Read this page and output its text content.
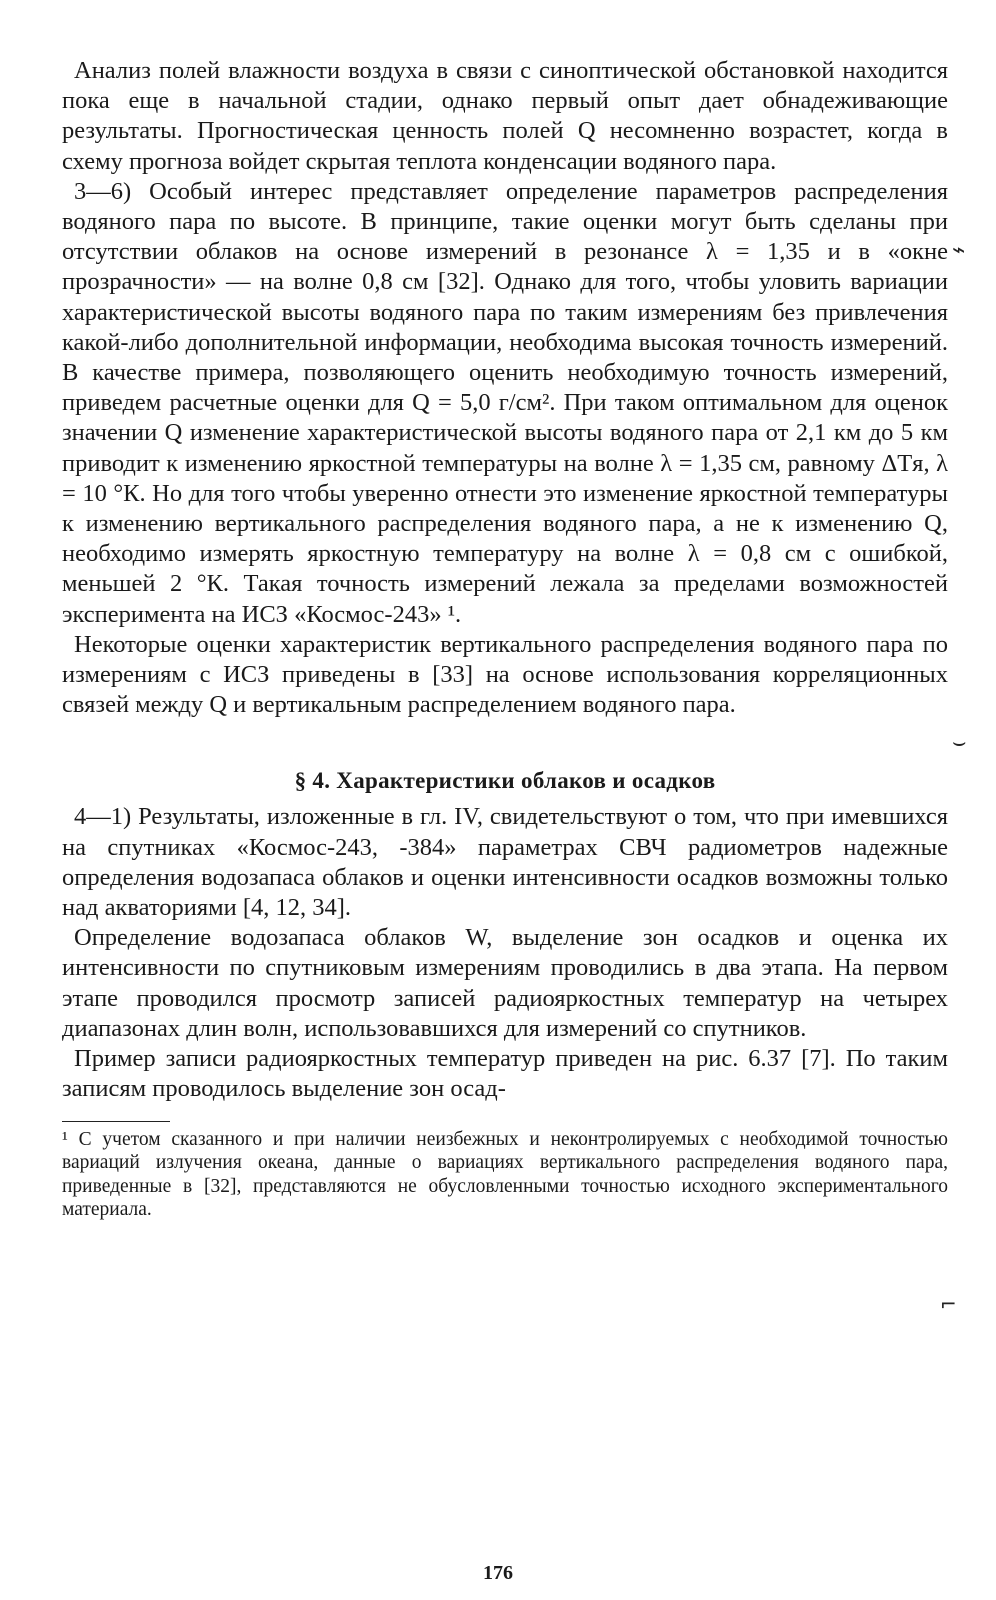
Анализ полей влажности воздуха в связи с синоптической обстановкой находится пока еще в начальной стадии, однако первый опыт дает обнадеживающие результаты. Прогностическая ценность полей Q несомненно возрастет, когда в схему прогноза войдет скрытая теплота конденсации водяного пара.

3—6) Особый интерес представляет определение параметров распределения водяного пара по высоте. В принципе, такие оценки могут быть сделаны при отсутствии облаков на основе измерений в резонансе λ = 1,35 и в «окне прозрачности» — на волне 0,8 см [32]. Однако для того, чтобы уловить вариации характеристической высоты водяного пара по таким измерениям без привлечения какой-либо дополнительной информации, необходима высокая точность измерений. В качестве примера, позволяющего оценить необходимую точность измерений, приведем расчетные оценки для Q = 5,0 г/см². При таком оптимальном для оценок значении Q изменение характеристической высоты водяного пара от 2,1 км до 5 км приводит к изменению яркостной температуры на волне λ = 1,35 см, равному ΔTя, λ = 10 °К. Но для того чтобы уверенно отнести это изменение яркостной температуры к изменению вертикального распределения водяного пара, а не к изменению Q, необходимо измерять яркостную температуру на волне λ = 0,8 см с ошибкой, меньшей 2 °К. Такая точность измерений лежала за пределами возможностей эксперимента на ИСЗ «Космос-243» ¹.

Некоторые оценки характеристик вертикального распределения водяного пара по измерениям с ИСЗ приведены в [33] на основе использования корреляционных связей между Q и вертикальным распределением водяного пара.

§ 4. Характеристики облаков и осадков

4—1) Результаты, изложенные в гл. IV, свидетельствуют о том, что при имевшихся на спутниках «Космос-243, -384» параметрах СВЧ радиометров надежные определения водозапаса облаков и оценки интенсивности осадков возможны только над акваториями [4, 12, 34].

Определение водозапаса облаков W, выделение зон осадков и оценка их интенсивности по спутниковым измерениям проводились в два этапа. На первом этапе проводился просмотр записей радиояркостных температур на четырех диапазонах длин волн, использовавшихся для измерений со спутников.

Пример записи радиояркостных температур приведен на рис. 6.37 [7]. По таким записям проводилось выделение зон осад-

¹ С учетом сказанного и при наличии неизбежных и неконтролируемых с необходимой точностью вариаций излучения океана, данные о вариациях вертикального распределения водяного пара, приведенные в [32], представляются не обусловленными точностью исходного экспериментального материала.

176
⌁
⌣
⌐
